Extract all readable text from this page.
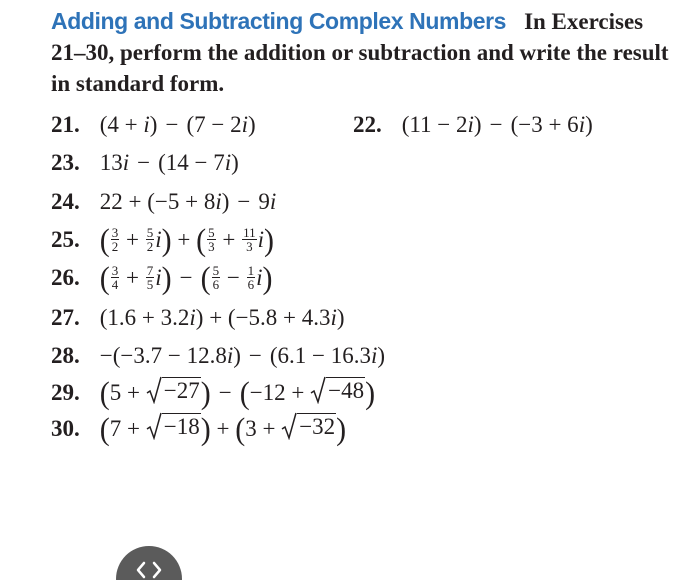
Adding and Subtracting Complex Numbers In Exercises 21–30, perform the addition or subtraction and write the result in standard form.
21. (4 + i) − (7 − 2i)	22. (11 − 2i) − (−3 + 6i)
23. 13i − (14 − 7i)
24. 22 + (−5 + 8i) − 9i
25. ( $\frac{3}{2} + \frac{5}{2} i$) + ( $\frac{5}{3} + \frac{11}{3} i$)
26. ( $\frac{3}{4} + \frac{7}{5} i$) − ( $\frac{5}{6} - \frac{1}{6} i$)
27. (1.6 + 3.2i) + (−5.8 + 4.3i)
28. −(−3.7 − 12.8i) − (6.1 − 16.3i)
29. (5 + −27 ) − (−12 + −48 )
30. (7 + −18 ) + (3 + −32 )
